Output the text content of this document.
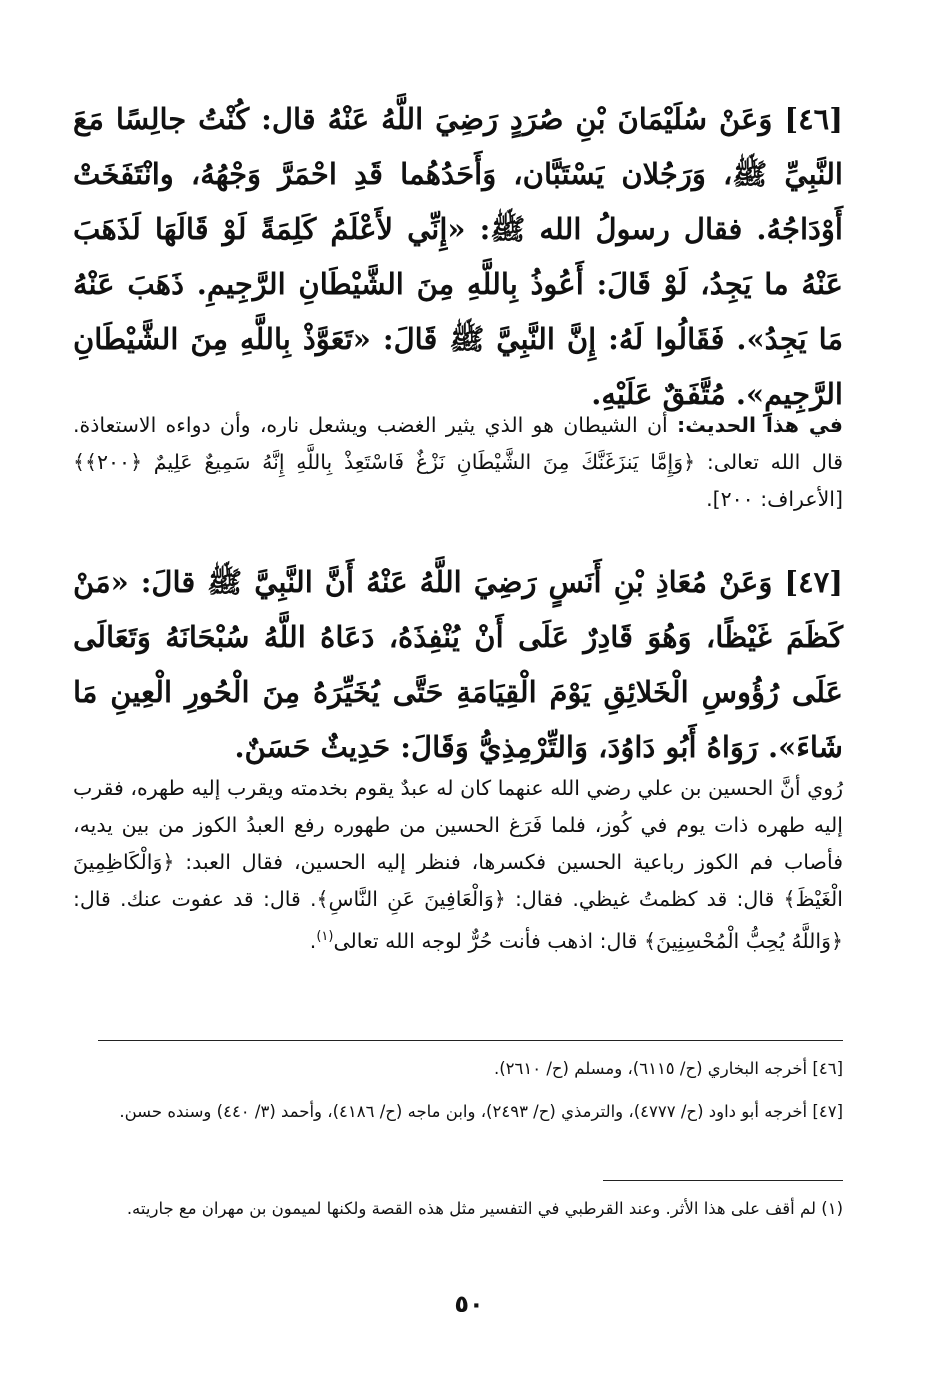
[٤٦] وَعَنْ سُلَيْمَانَ بْنِ صُرَدٍ رَضِيَ اللَّهُ عَنْهُ قال: كُنْتُ جالِسًا مَعَ النَّبِيِّ ﷺ، وَرَجُلان يَسْتَبَّان، وَأَحَدُهُما قَدِ احْمَرَّ وَجْهُهُ، وانْتَفَخَتْ أَوْدَاجُهُ. فقال رسولُ الله ﷺ: «إِنِّي لأَعْلَمُ كَلِمَةً لَوْ قَالَهَا لَذَهَبَ عَنْهُ ما يَجِدُ، لَوْ قَالَ: أَعُوذُ بِاللَّهِ مِنَ الشَّيْطَانِ الرَّجِيمِ. ذَهَبَ عَنْهُ مَا يَجِدُ». فَقَالُوا لَهُ: إِنَّ النَّبِيَّ ﷺ قَالَ: «تَعَوَّذْ بِاللَّهِ مِنَ الشَّيْطَانِ الرَّجِيمِ». مُتَّفَقٌ عَلَيْهِ.
في هذا الحديث: أن الشيطان هو الذي يثير الغضب ويشعل ناره، وأن دواءه الاستعاذة. قال الله تعالى: ﴿وَإِمَّا يَنزَغَنَّكَ مِنَ الشَّيْطَانِ نَزْغٌ فَاسْتَعِذْ بِاللَّهِ إِنَّهُ سَمِيعٌ عَلِيمٌ ﴿٢٠٠﴾﴾ [الأعراف: ٢٠٠].
[٤٧] وَعَنْ مُعَاذِ بْنِ أَنَسٍ رَضِيَ اللَّهُ عَنْهُ أَنَّ النَّبِيَّ ﷺ قالَ: «مَنْ كَظَمَ غَيْظًا، وَهُوَ قَادِرٌ عَلَى أَنْ يُنْفِذَهُ، دَعَاهُ اللَّهُ سُبْحَانَهُ وَتَعَالَى عَلَى رُؤُوسِ الْخَلائِقِ يَوْمَ الْقِيَامَةِ حَتَّى يُخَيِّرَهُ مِنَ الْحُورِ الْعِينِ مَا شَاءَ». رَوَاهُ أَبُو دَاوُدَ، وَالتِّرْمِذِيُّ وَقَالَ: حَدِيثٌ حَسَنٌ.
رُوي أنَّ الحسين بن علي رضي الله عنهما كان له عبدٌ يقوم بخدمته ويقرب إليه طهره، فقرب إليه طهره ذات يوم في كُوز، فلما فَرَغ الحسين من طهوره رفع العبدُ الكوز من بين يديه، فأصاب فم الكوز رباعية الحسين فكسرها، فنظر إليه الحسين، فقال العبد: ﴿وَالْكَاظِمِينَ الْغَيْظَ﴾ قال: قد كظمتُ غيظي. فقال: ﴿وَالْعَافِينَ عَنِ النَّاسِ﴾. قال: قد عفوت عنك. قال: ﴿وَاللَّهُ يُحِبُّ الْمُحْسِنِينَ﴾ قال: اذهب فأنت حُرٌّ لوجه الله تعالى$^{(١)}$.
[٤٦] أخرجه البخاري (ح/ ٦١١٥)، ومسلم (ح/ ٢٦١٠).
[٤٧] أخرجه أبو داود (ح/ ٤٧٧٧)، والترمذي (ح/ ٢٤٩٣)، وابن ماجه (ح/ ٤١٨٦)، وأحمد (٣/ ٤٤٠) وسنده حسن.
(١) لم أقف على هذا الأثر. وعند القرطبي في التفسير مثل هذه القصة ولكنها لميمون بن مهران مع جاريته.
٥٠
